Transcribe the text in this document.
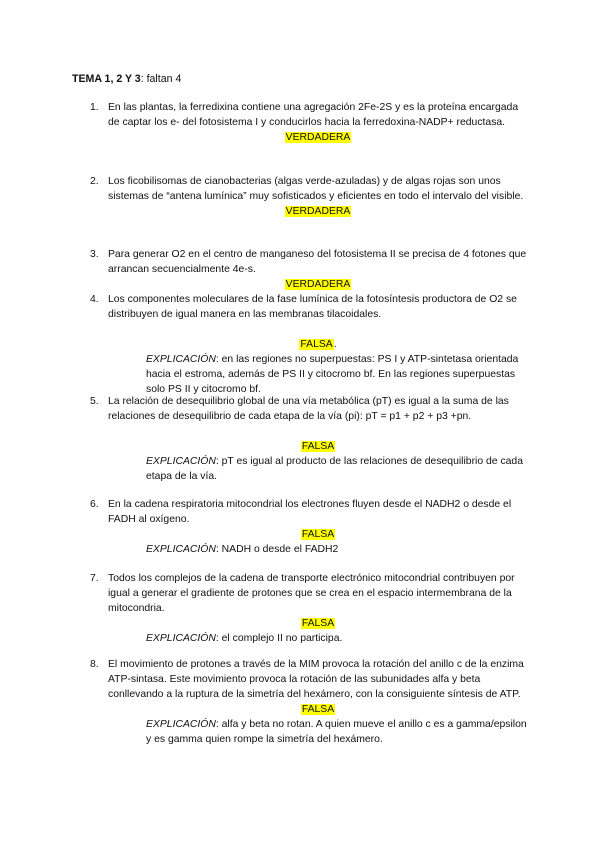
TEMA 1, 2 Y 3: faltan 4
1. En las plantas, la ferredixina contiene una agregación 2Fe-2S y es la proteína encargada de captar los e- del fotosistema I y conducirlos hacia la ferredoxina-NADP+ reductasa.
VERDADERA
2. Los ficobilisomas de cianobacterias (algas verde-azuladas) y de algas rojas son unos sistemas de “antena lumínica” muy sofisticados y eficientes en todo el intervalo del visible.
VERDADERA
3. Para generar O2 en el centro de manganeso del fotosistema II se precisa de 4 fotones que arrancan secuencialmente 4e-s.
VERDADERA
4. Los componentes moleculares de la fase lumínica de la fotosíntesis productora de O2 se distribuyen de igual manera en las membranas tilacoidales.
FALSA.
EXPLICACIÓN: en las regiones no superpuestas: PS I y ATP-sintetasa orientada hacia el estroma, además de PS II y citocromo bf. En las regiones superpuestas solo PS II y citocromo bf.
5. La relación de desequilibrio global de una vía metabólica (pT) es igual a la suma de las relaciones de desequilibrio de cada etapa de la vía (pi): pT = p1 + p2 + p3 +pn.
FALSA
EXPLICACIÓN: pT es igual al producto de las relaciones de desequilibrio de cada etapa de la vía.
6. En la cadena respiratoria mitocondrial los electrones fluyen desde el NADH2 o desde el FADH al oxígeno.
FALSA
EXPLICACIÓN: NADH o desde el FADH2
7. Todos los complejos de la cadena de transporte electrónico mitocondrial contribuyen por igual a generar el gradiente de protones que se crea en el espacio intermembrana de la mitocondria.
FALSA
EXPLICACIÓN: el complejo II no participa.
8. El movimiento de protones a través de la MIM provoca la rotación del anillo c de la enzima ATP-sintasa. Este movimiento provoca la rotación de las subunidades alfa y beta conllevando a la ruptura de la simetría del hexámero, con la consiguiente síntesis de ATP.
FALSA
EXPLICACIÓN: alfa y beta no rotan. A quien mueve el anillo c es a gamma/epsilon y es gamma quien rompe la simetría del hexámero.
